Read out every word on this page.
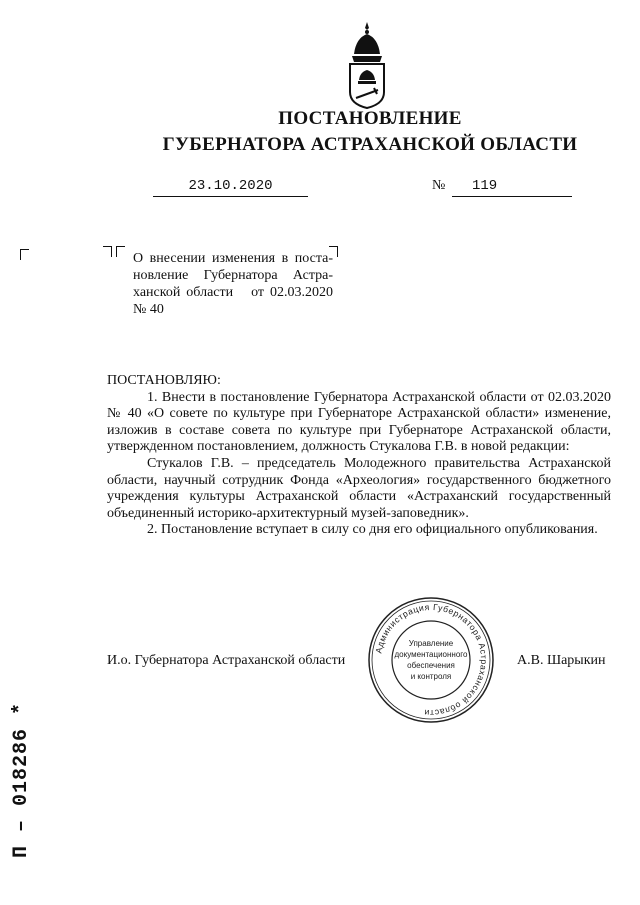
ПОСТАНОВЛЕНИЕ
ГУБЕРНАТОРА АСТРАХАНСКОЙ ОБЛАСТИ
23.10.2020	№	119

О внесении изменения в поста-

новление Губернатора Астра-

ханской области   от 02.03.2020

№ 40

ПОСТАНОВЛЯЮ:

1. Внести в постановление Губернатора Астраханской области от 02.03.2020 № 40 «О совете по культуре при Губернаторе Астраханской области» изменение, изложив в составе совета по культуре при Губернаторе Астраханской области, утвержденном постановлением, должность Стукалова Г.В. в новой редакции:

Стукалов Г.В. – председатель Молодежного правительства Астраханской области, научный сотрудник Фонда «Археология» государственного бюджетного учреждения культуры Астраханской области «Астраханский государственный объединенный историко-архитектурный музей-заповедник».

2. Постановление вступает в силу со дня его официального опубликования.

И.о. Губернатора Астраханской области	А.В. Шарыкин
Администрация Губернатора Астраханской области
Управление
документационного
обеспечения
и контроля
П – 018286 *
